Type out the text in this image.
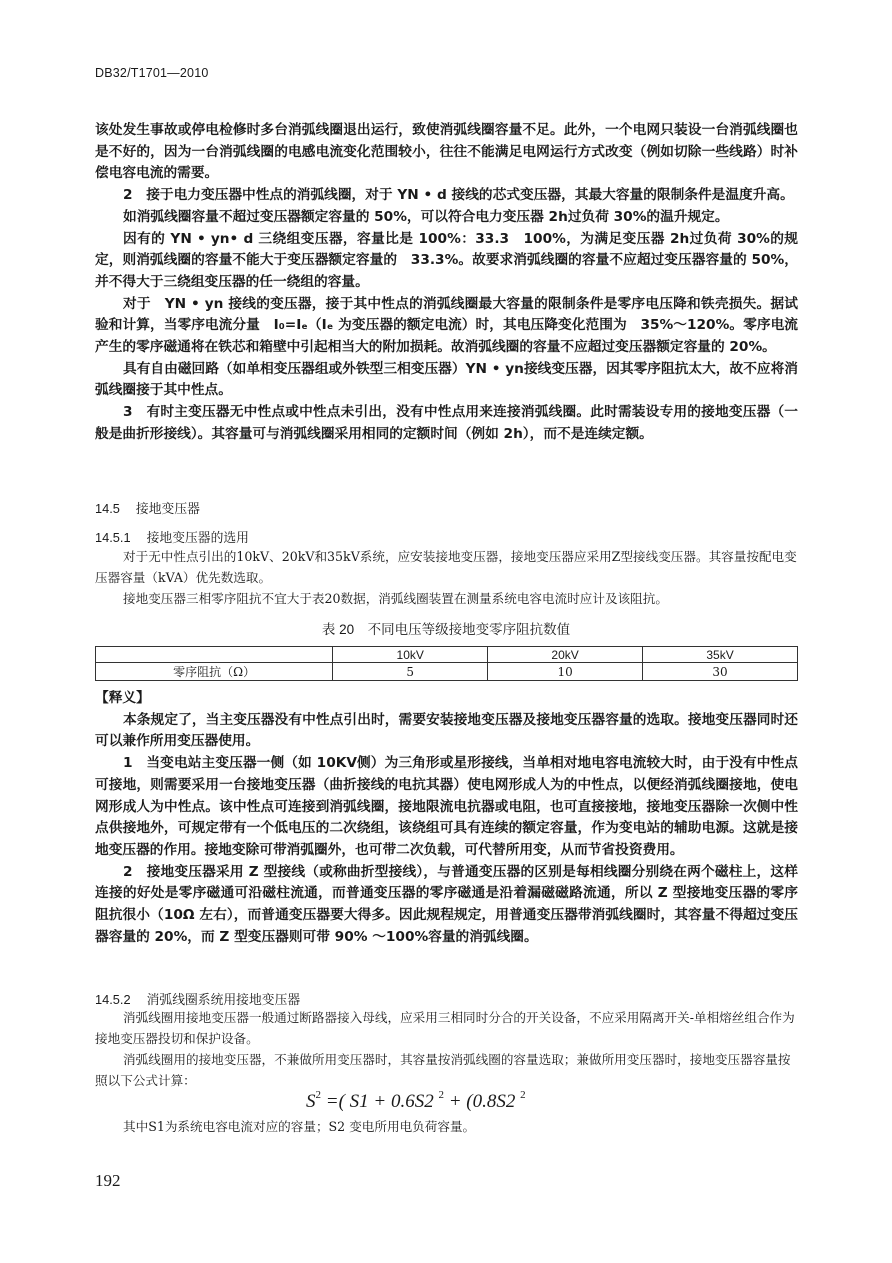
DB32/T1701—2010

该处发生事故或停电检修时多台消弧线圈退出运行，致使消弧线圈容量不足。此外，一个电网只装设一台消弧线圈也是不好的，因为一台消弧线圈的电感电流变化范围较小，往往不能满足电网运行方式改变（例如切除一些线路）时补偿电容电流的需要。

2　接于电力变压器中性点的消弧线圈，对于 YN • d 接线的芯式变压器，其最大容量的限制条件是温度升高。

如消弧线圈容量不超过变压器额定容量的 50%，可以符合电力变压器 2h过负荷 30%的温升规定。

因有的 YN • yn• d 三绕组变压器，容量比是 100%：33.3　100%，为满足变压器 2h过负荷 30%的规定，则消弧线圈的容量不能大于变压器额定容量的　33.3%。故要求消弧线圈的容量不应超过变压器容量的 50%，并不得大于三绕组变压器的任一绕组的容量。

对于　YN • yn 接线的变压器，接于其中性点的消弧线圈最大容量的限制条件是零序电压降和铁壳损失。据试验和计算，当零序电流分量　I₀=Iₑ（Iₑ 为变压器的额定电流）时，其电压降变化范围为　35%～120%。零序电流产生的零序磁通将在铁芯和箱壁中引起相当大的附加损耗。故消弧线圈的容量不应超过变压器额定容量的 20%。

具有自由磁回路（如单相变压器组或外铁型三相变压器）YN • yn接线变压器，因其零序阻抗太大，故不应将消弧线圈接于其中性点。

3　有时主变压器无中性点或中性点未引出，没有中性点用来连接消弧线圈。此时需装设专用的接地变压器（一般是曲折形接线）。其容量可与消弧线圈采用相同的定额时间（例如 2h），而不是连续定额。

14.5 接地变压器
14.5.1 接地变压器的选用

对于无中性点引出的10kV、20kV和35kV系统，应安装接地变压器，接地变压器应采用Z型接线变压器。其容量按配电变压器容量（kVA）优先数选取。

接地变压器三相零序阻抗不宜大于表20数据，消弧线圈装置在测量系统电容电流时应计及该阻抗。

表 20　不同电压等级接地变零序阻抗数值
	10kV	20kV	35kV
零序阻抗（Ω）	5	10	30

【释义】

本条规定了，当主变压器没有中性点引出时，需要安装接地变压器及接地变压器容量的选取。接地变压器同时还可以兼作所用变压器使用。

1　当变电站主变压器一侧（如 10KV侧）为三角形或星形接线，当单相对地电容电流较大时，由于没有中性点可接地，则需要采用一台接地变压器（曲折接线的电抗其器）使电网形成人为的中性点，以便经消弧线圈接地，使电网形成人为中性点。该中性点可连接到消弧线圈，接地限流电抗器或电阻，也可直接接地，接地变压器除一次侧中性点供接地外，可规定带有一个低电压的二次绕组，该绕组可具有连续的额定容量，作为变电站的辅助电源。这就是接地变压器的作用。接地变除可带消弧圈外，也可带二次负载，可代替所用变，从而节省投资费用。

2　接地变压器采用 Z 型接线（或称曲折型接线），与普通变压器的区别是每相线圈分别绕在两个磁柱上，这样连接的好处是零序磁通可沿磁柱流通，而普通变压器的零序磁通是沿着漏磁磁路流通，所以 Z 型接地变压器的零序阻抗很小（10Ω 左右），而普通变压器要大得多。因此规程规定，用普通变压器带消弧线圈时，其容量不得超过变压器容量的 20%，而 Z 型变压器则可带 90% ～100%容量的消弧线圈。

14.5.2 消弧线圈系统用接地变压器

消弧线圈用接地变压器一般通过断路器接入母线，应采用三相同时分合的开关设备，不应采用隔离开关-单相熔丝组合作为接地变压器投切和保护设备。

消弧线圈用的接地变压器，不兼做所用变压器时，其容量按消弧线圈的容量选取；兼做所用变压器时，接地变压器容量按照以下公式计算：

$S^2$ =( S1 + 0.6S2 $^2$ + (0.8S2 $^2$

其中S1为系统电容电流对应的容量；S2 变电所用电负荷容量。

192
